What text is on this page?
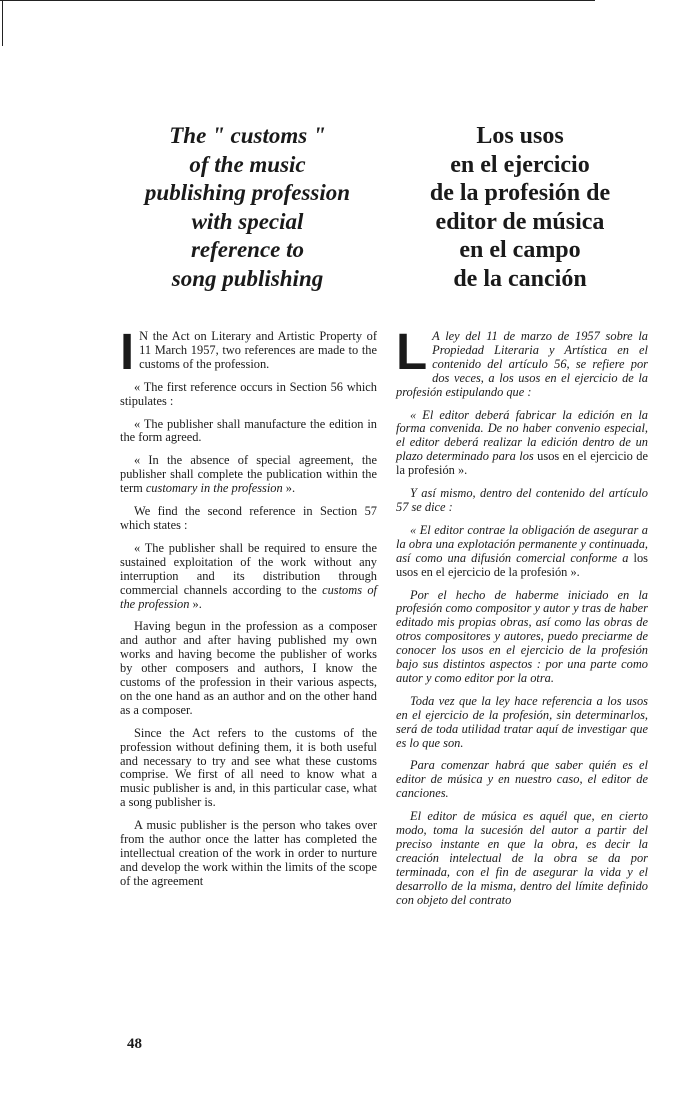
The " customs "
of the music
publishing profession
with special
reference to
song publishing
Los usos
en el ejercicio
de la profesión de
editor de música
en el campo
de la canción

I N the Act on Literary and Artistic Property of 11 March 1957, two references are made to the customs of the profession.

« The first reference occurs in Section 56 which stipulates :

« The publisher shall manufacture the edition in the form agreed.

« In the absence of special agreement, the publisher shall complete the publication within the term customary in the profession ».

We find the second reference in Section 57 which states :

« The publisher shall be required to ensure the sustained exploitation of the work without any interruption and its distribution through commercial channels according to the customs of the profession ».

Having begun in the profession as a composer and author and after having published my own works and having become the publisher of works by other composers and authors, I know the customs of the profession in their various aspects, on the one hand as an author and on the other hand as a composer.

Since the Act refers to the customs of the profession without defining them, it is both useful and necessary to try and see what these customs comprise. We first of all need to know what a music publisher is and, in this particular case, what a song publisher is.

A music publisher is the person who takes over from the author once the latter has completed the intellectual creation of the work in order to nurture and develop the work within the limits of the scope of the agreement

L A ley del 11 de marzo de 1957 sobre la Propiedad Literaria y Artística en el contenido del artículo 56, se refiere por dos veces, a los usos en el ejercicio de la profesión estipulando que :

« El editor deberá fabricar la edición en la forma convenida. De no haber convenio especial, el editor deberá realizar la edición dentro de un plazo determinado para los usos en el ejercicio de la profesión ».

Y así mismo, dentro del contenido del artículo 57 se dice :

« El editor contrae la obligación de asegurar a la obra una explotación permanente y continuada, así como una difusión comercial conforme a los usos en el ejercicio de la profesión ».

Por el hecho de haberme iniciado en la profesión como compositor y autor y tras de haber editado mis propias obras, así como las obras de otros compositores y autores, puedo preciarme de conocer los usos en el ejercicio de la profesión bajo sus distintos aspectos : por una parte como autor y como editor por la otra.

Toda vez que la ley hace referencia a los usos en el ejercicio de la profesión, sin determinarlos, será de toda utilidad tratar aquí de investigar que es lo que son.

Para comenzar habrá que saber quién es el editor de música y en nuestro caso, el editor de canciones.

El editor de música es aquél que, en cierto modo, toma la sucesión del autor a partir del preciso instante en que la obra, es decir la creación intelectual de la obra se da por terminada, con el fin de asegurar la vida y el desarrollo de la misma, dentro del límite definido con objeto del contrato

48
